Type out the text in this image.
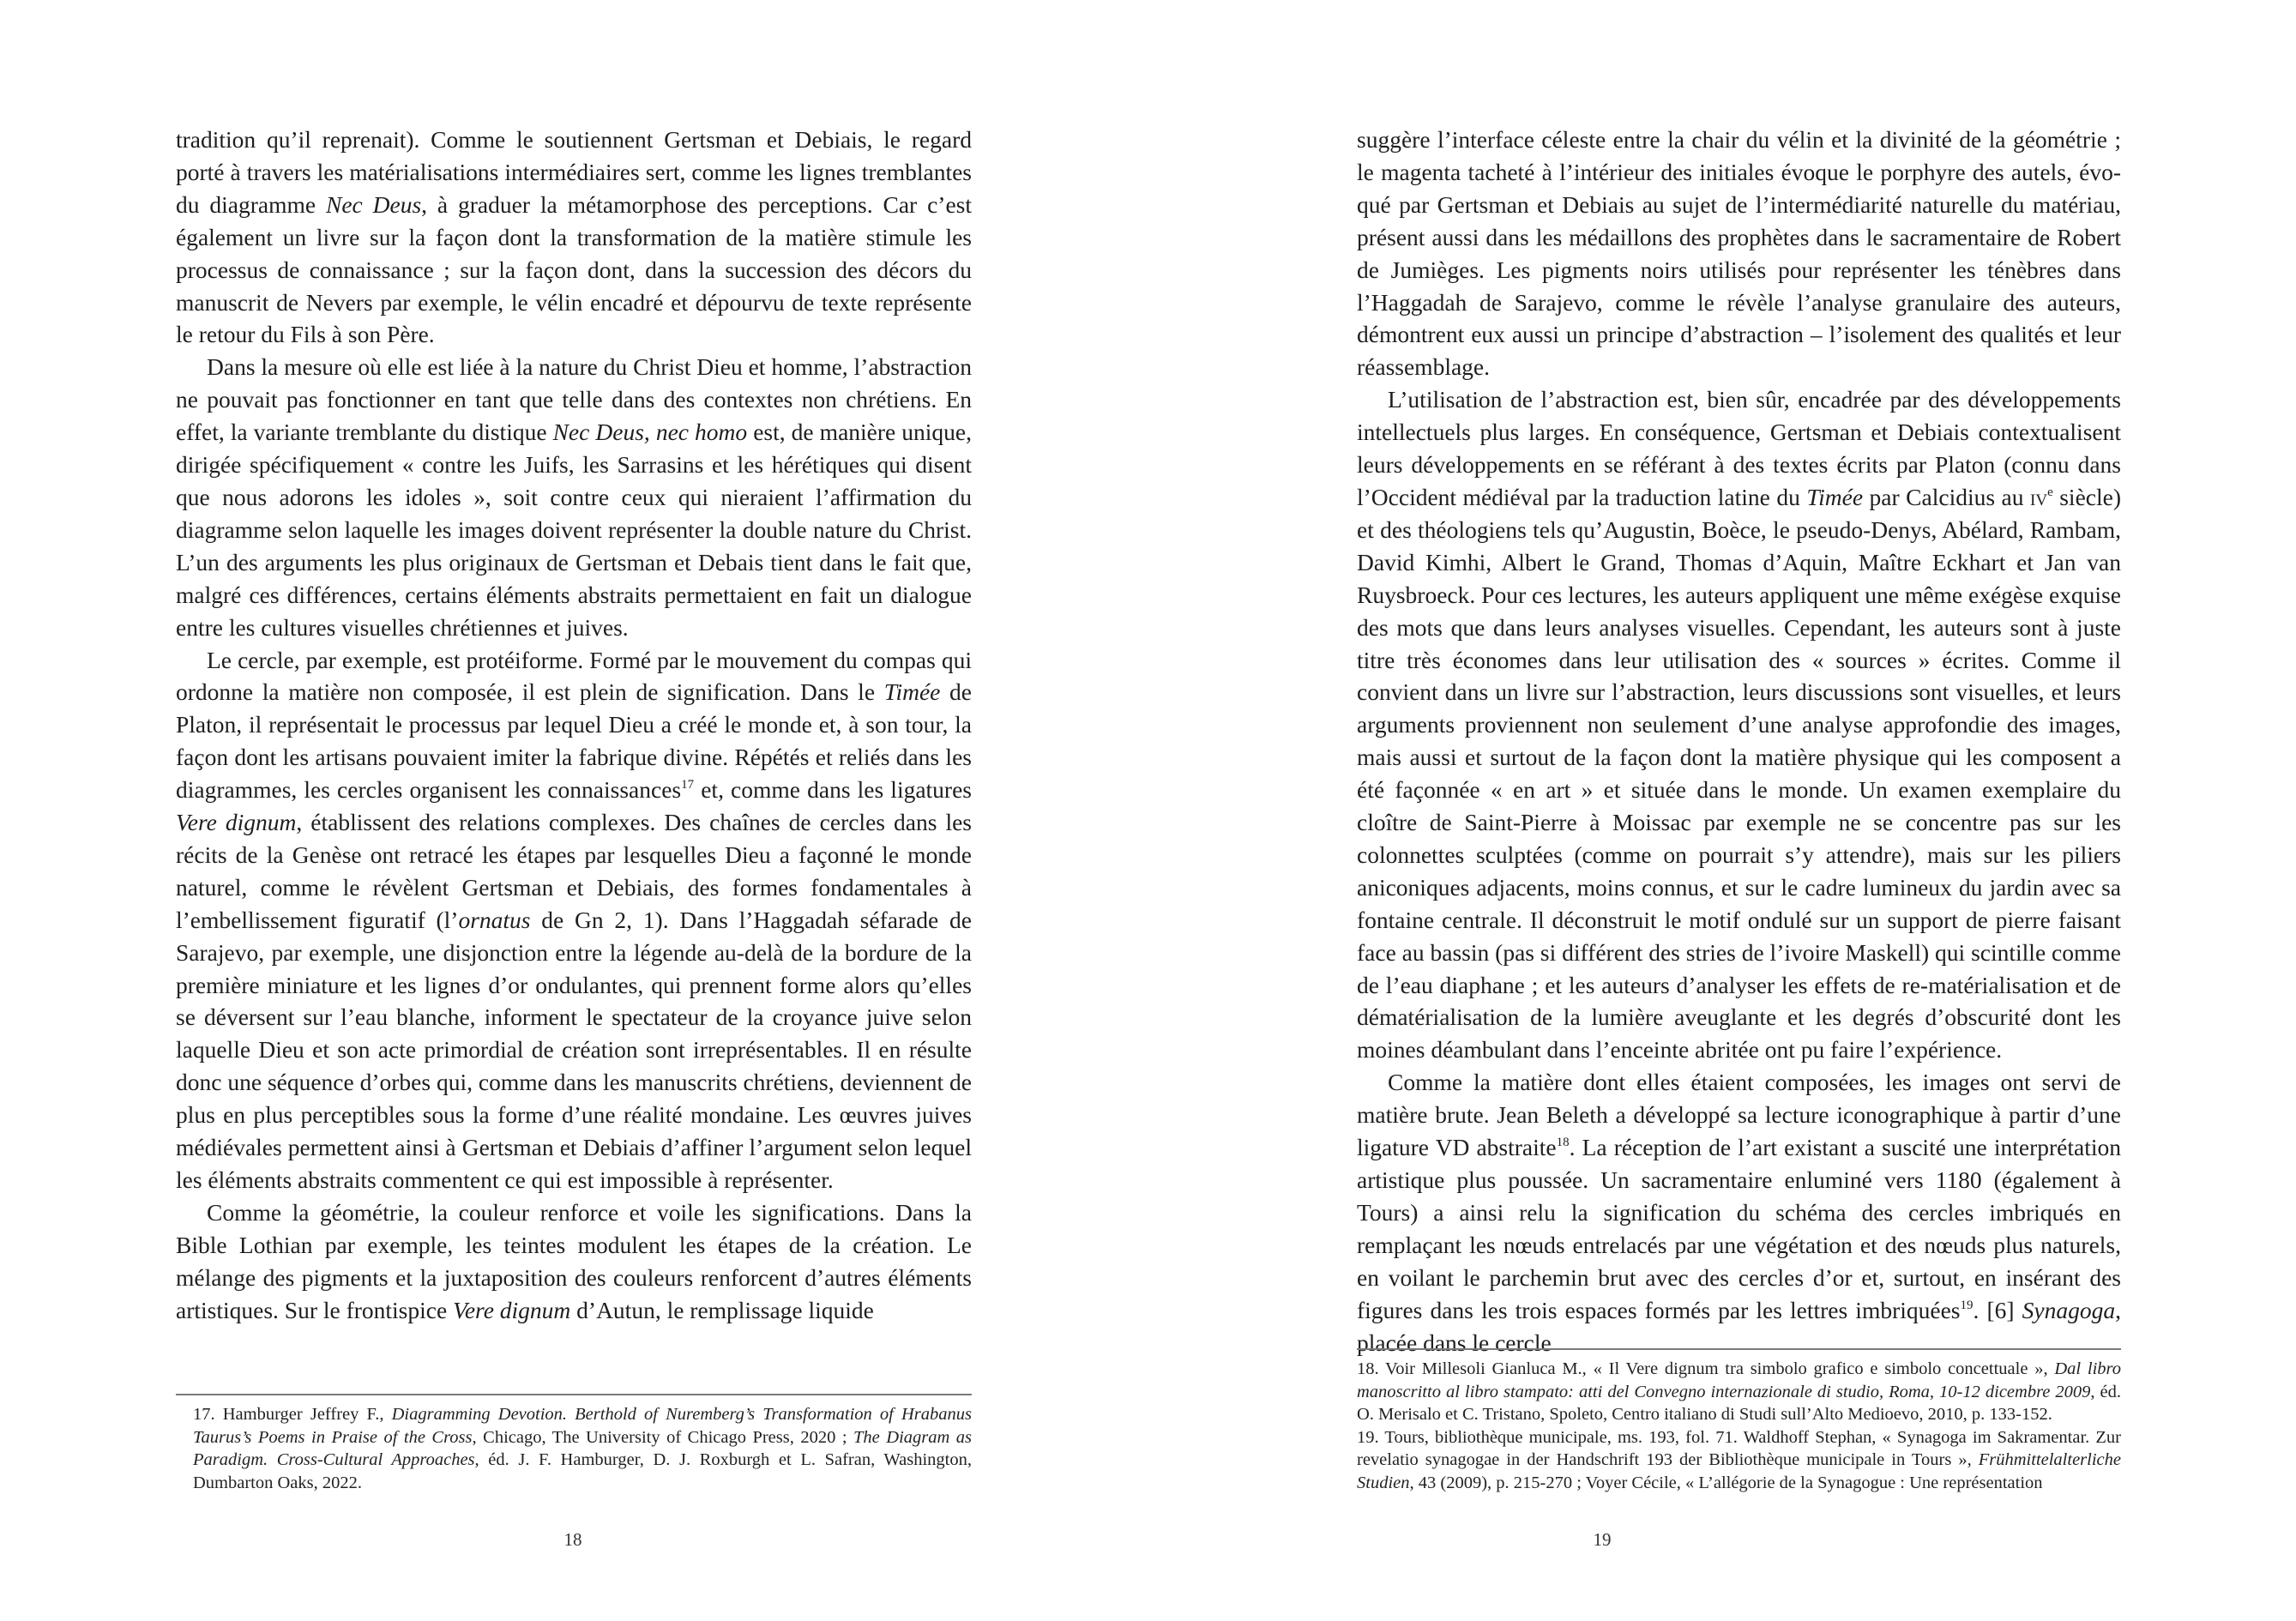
tradition qu’il reprenait). Comme le soutiennent Gertsman et Debiais, le regard porté à travers les matérialisations intermédiaires sert, comme les lignes tremblantes du diagramme Nec Deus, à graduer la métamorphose des perceptions. Car c’est également un livre sur la façon dont la transformation de la matière stimule les processus de connaissance ; sur la façon dont, dans la succession des décors du manuscrit de Nevers par exemple, le vélin encadré et dépourvu de texte représente le retour du Fils à son Père.

Dans la mesure où elle est liée à la nature du Christ Dieu et homme, l’abstraction ne pouvait pas fonctionner en tant que telle dans des contextes non chrétiens. En effet, la variante tremblante du distique Nec Deus, nec homo est, de manière unique, dirigée spécifiquement « contre les Juifs, les Sarrasins et les hérétiques qui disent que nous adorons les idoles », soit contre ceux qui nieraient l’affirmation du diagramme selon laquelle les images doivent représenter la double nature du Christ. L’un des arguments les plus originaux de Gertsman et Debais tient dans le fait que, malgré ces différences, certains éléments abstraits permettaient en fait un dialogue entre les cultures visuelles chrétiennes et juives.

Le cercle, par exemple, est protéiforme. Formé par le mouvement du compas qui ordonne la matière non composée, il est plein de signification. Dans le Timée de Platon, il représentait le processus par lequel Dieu a créé le monde et, à son tour, la façon dont les artisans pouvaient imiter la fabrique divine. Répétés et reliés dans les diagrammes, les cercles organisent les connaissances$^{17}$ et, comme dans les ligatures Vere dignum, établissent des relations complexes. Des chaînes de cercles dans les récits de la Genèse ont retracé les étapes par lesquelles Dieu a façonné le monde naturel, comme le révèlent Gertsman et Debiais, des formes fondamentales à l’embellissement figuratif (l’ornatus de Gn 2, 1). Dans l’Haggadah séfarade de Sarajevo, par exemple, une disjonction entre la légende au-delà de la bordure de la première miniature et les lignes d’or ondulantes, qui prennent forme alors qu’elles se déversent sur l’eau blanche, informent le spectateur de la croyance juive selon laquelle Dieu et son acte primordial de création sont irreprésentables. Il en résulte donc une séquence d’orbes qui, comme dans les manuscrits chrétiens, deviennent de plus en plus perceptibles sous la forme d’une réalité mondaine. Les œuvres juives médiévales permettent ainsi à Gertsman et Debiais d’affiner l’argument selon lequel les éléments abstraits commentent ce qui est impossible à représenter.

Comme la géométrie, la couleur renforce et voile les significations. Dans la Bible Lothian par exemple, les teintes modulent les étapes de la création. Le mélange des pigments et la juxtaposition des couleurs renforcent d’autres éléments artistiques. Sur le frontispice Vere dignum d’Autun, le remplissage liquide

17. Hamburger Jeffrey F., Diagramming Devotion. Berthold of Nuremberg’s Transformation of Hrabanus Taurus’s Poems in Praise of the Cross, Chicago, The University of Chicago Press, 2020 ; The Diagram as Paradigm. Cross-Cultural Approaches, éd. J. F. Hamburger, D. J. Roxburgh et L. Safran, Washington, Dumbarton Oaks, 2022.

18

suggère l’interface céleste entre la chair du vélin et la divinité de la géométrie ; le magenta tacheté à l’intérieur des initiales évoque le porphyre des autels, évoqué par Gertsman et Debiais au sujet de l’intermédiarité naturelle du matériau, présent aussi dans les médaillons des prophètes dans le sacramentaire de Robert de Jumièges. Les pigments noirs utilisés pour représenter les ténèbres dans l’Haggadah de Sarajevo, comme le révèle l’analyse granulaire des auteurs, démontrent eux aussi un principe d’abstraction – l’isolement des qualités et leur réassemblage.

L’utilisation de l’abstraction est, bien sûr, encadrée par des développements intellectuels plus larges. En conséquence, Gertsman et Debiais contextualisent leurs développements en se référant à des textes écrits par Platon (connu dans l’Occident médiéval par la traduction latine du Timée par Calcidius au iv$^e$ siècle) et des théologiens tels qu’Augustin, Boèce, le pseudo-Denys, Abélard, Rambam, David Kimhi, Albert le Grand, Thomas d’Aquin, Maître Eckhart et Jan van Ruysbroeck. Pour ces lectures, les auteurs appliquent une même exégèse exquise des mots que dans leurs analyses visuelles. Cependant, les auteurs sont à juste titre très économes dans leur utilisation des « sources » écrites. Comme il convient dans un livre sur l’abstraction, leurs discussions sont visuelles, et leurs arguments proviennent non seulement d’une analyse approfondie des images, mais aussi et surtout de la façon dont la matière physique qui les composent a été façonnée « en art » et située dans le monde. Un examen exemplaire du cloître de Saint-Pierre à Moissac par exemple ne se concentre pas sur les colonnettes sculptées (comme on pourrait s’y attendre), mais sur les piliers aniconiques adjacents, moins connus, et sur le cadre lumineux du jardin avec sa fontaine centrale. Il déconstruit le motif ondulé sur un support de pierre faisant face au bassin (pas si différent des stries de l’ivoire Maskell) qui scintille comme de l’eau diaphane ; et les auteurs d’analyser les effets de re-matérialisation et de dématérialisation de la lumière aveuglante et les degrés d’obscurité dont les moines déambulant dans l’enceinte abritée ont pu faire l’expérience.

Comme la matière dont elles étaient composées, les images ont servi de matière brute. Jean Beleth a développé sa lecture iconographique à partir d’une ligature VD abstraite$^{18}$. La réception de l’art existant a suscité une interprétation artistique plus poussée. Un sacramentaire enluminé vers 1180 (également à Tours) a ainsi relu la signification du schéma des cercles imbriqués en remplaçant les nœuds entrelacés par une végétation et des nœuds plus naturels, en voilant le parchemin brut avec des cercles d’or et, surtout, en insérant des figures dans les trois espaces formés par les lettres imbriquées$^{19}$. [6] Synagoga, placée dans le cercle

18. Voir Millesoli Gianluca M., « Il Vere dignum tra simbolo grafico e simbolo concettuale », Dal libro manoscritto al libro stampato: atti del Convegno internazionale di studio, Roma, 10-12 dicembre 2009, éd. O. Merisalo et C. Tristano, Spoleto, Centro italiano di Studi sull’Alto Medioevo, 2010, p. 133-152.

19. Tours, bibliothèque municipale, ms. 193, fol. 71. Waldhoff Stephan, « Synagoga im Sakramentar. Zur revelatio synagogae in der Handschrift 193 der Bibliothèque municipale in Tours », Frühmittelalterliche Studien, 43 (2009), p. 215-270 ; Voyer Cécile, « L’allégorie de la Synagogue : Une représentation

19
